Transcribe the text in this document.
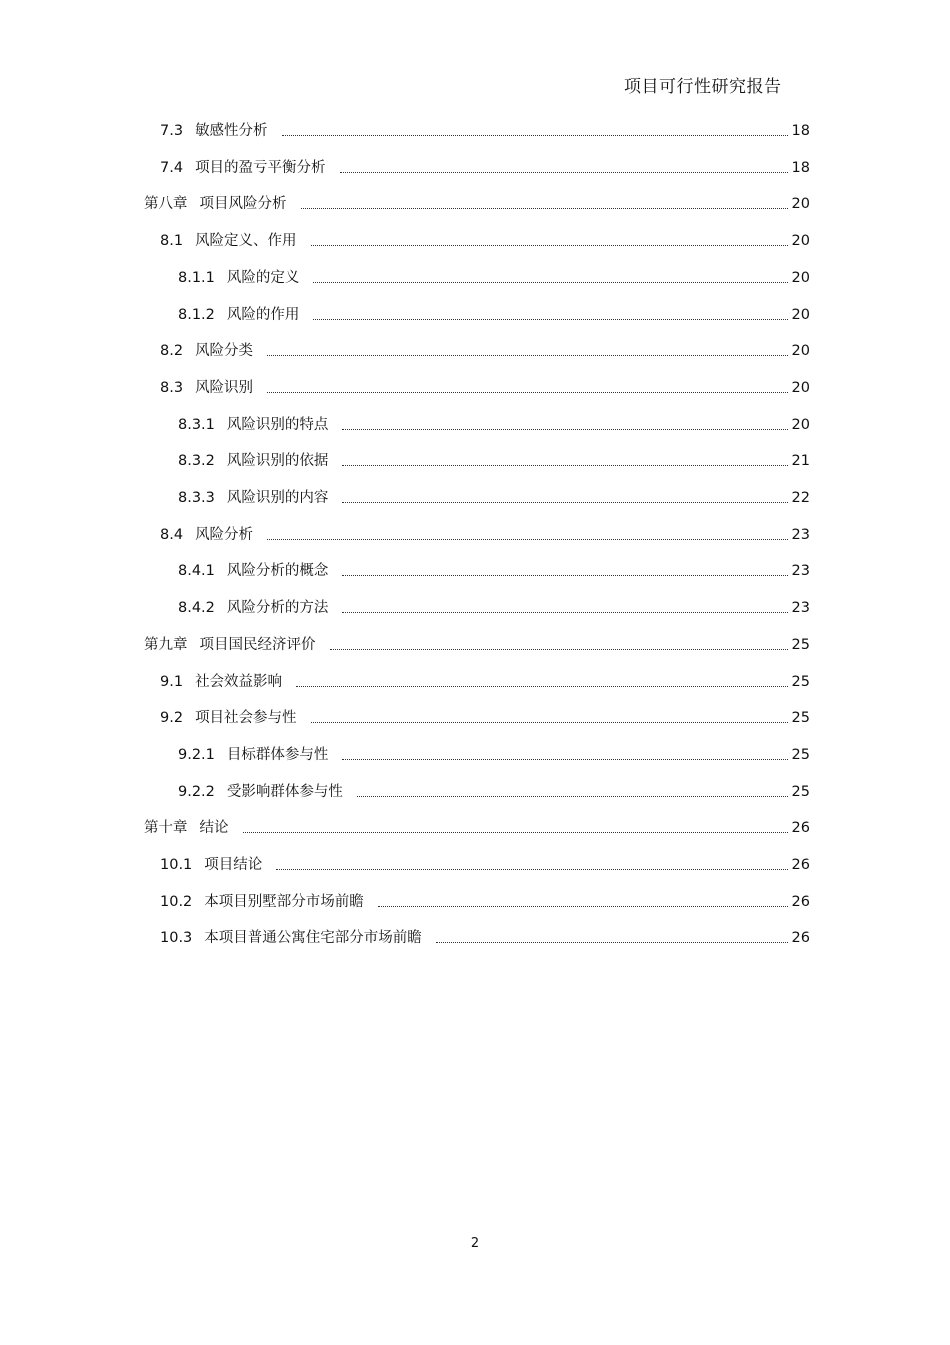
项目可行性研究报告
7.3 敏感性分析	18
7.4 项目的盈亏平衡分析	18
第八章 项目风险分析	20
8.1 风险定义、作用	20
8.1.1 风险的定义	20
8.1.2 风险的作用	20
8.2 风险分类	20
8.3 风险识别	20
8.3.1 风险识别的特点	20
8.3.2 风险识别的依据	21
8.3.3 风险识别的内容	22
8.4 风险分析	23
8.4.1 风险分析的概念	23
8.4.2 风险分析的方法	23
第九章 项目国民经济评价	25
9.1 社会效益影响	25
9.2 项目社会参与性	25
9.2.1 目标群体参与性	25
9.2.2 受影响群体参与性	25
第十章 结论	26
10.1 项目结论	26
10.2 本项目别墅部分市场前瞻	26
10.3 本项目普通公寓住宅部分市场前瞻	26
2
